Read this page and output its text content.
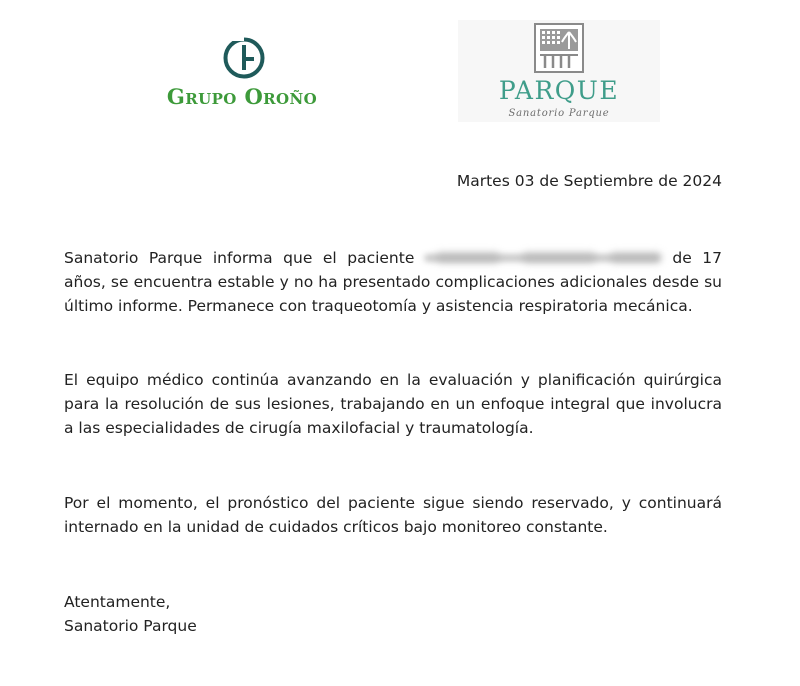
Grupo Oroño	PARQUE
Sanatorio Parque
Martes 03 de Septiembre de 2024

Sanatorio Parque informa que el paciente	de 17 años, se encuentra estable y no ha presentado complicaciones adicionales desde su último informe. Permanece con traqueotomía y asistencia respiratoria mecánica.

El equipo médico continúa avanzando en la evaluación y planificación quirúrgica para la resolución de sus lesiones, trabajando en un enfoque integral que involucra a las especialidades de cirugía maxilofacial y traumatología.

Por el momento, el pronóstico del paciente sigue siendo reservado, y continuará internado en la unidad de cuidados críticos bajo monitoreo constante.

Atentamente,
Sanatorio Parque
